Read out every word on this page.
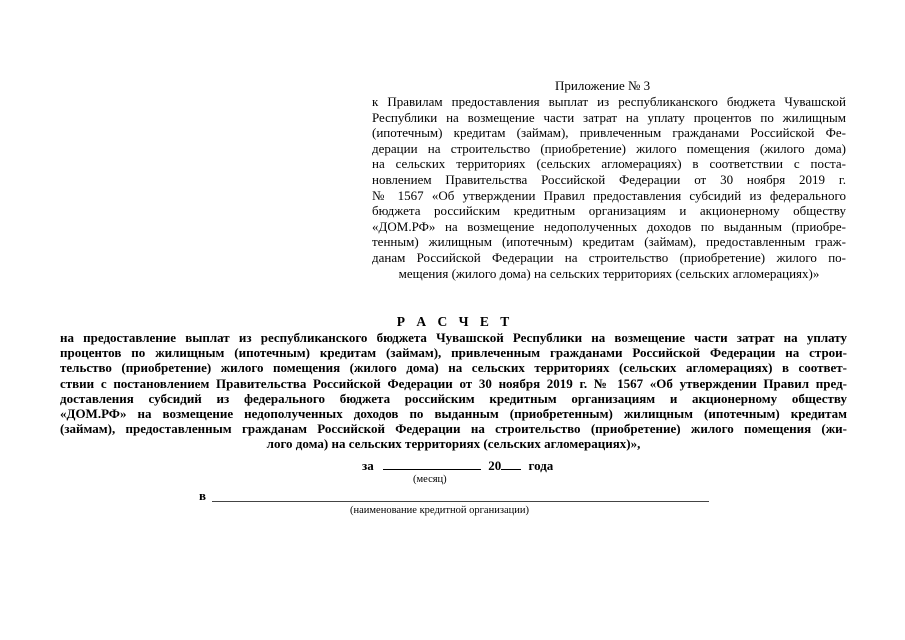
Приложение № 3
к Правилам предоставления выплат из республиканского бюджета Чувашской
Республики на возмещение части затрат на уплату процентов по жилищным
(ипотечным) кредитам (займам), привлеченным гражданами Российской Фе-
дерации на строительство (приобретение) жилого помещения (жилого дома)
на сельских территориях (сельских агломерациях) в соответствии с поста-
новлением Правительства Российской Федерации от 30 ноября 2019 г.
№ 1567 «Об утверждении Правил предоставления субсидий из федерального
бюджета российским кредитным организациям и акционерному обществу
«ДОМ.РФ» на возмещение недополученных доходов по выданным (приобре-
тенным) жилищным (ипотечным) кредитам (займам), предоставленным граж-
данам Российской Федерации на строительство (приобретение) жилого по-
мещения (жилого дома) на сельских территориях (сельских агломерациях)»
Р А С Ч Е Т
на предоставление выплат из республиканского бюджета Чувашской Республики на возмещение части затрат на уплату
процентов по жилищным (ипотечным) кредитам (займам), привлеченным гражданами Российской Федерации на строи-
тельство (приобретение) жилого помещения (жилого дома) на сельских территориях (сельских агломерациях) в соответ-
ствии с постановлением Правительства Российской Федерации от 30 ноября 2019 г. № 1567 «Об утверждении Правил пред-
доставления субсидий из федерального бюджета российским кредитным организациям и акционерному обществу
«ДОМ.РФ» на возмещение недополученных доходов по выданным (приобретенным) жилищным (ипотечным) кредитам
(займам), предоставленным гражданам Российской Федерации на строительство (приобретение) жилого помещения (жи-
лого дома) на сельских территориях (сельских агломерациях)»,
за	20 года
(месяц)
в
(наименование кредитной организации)
